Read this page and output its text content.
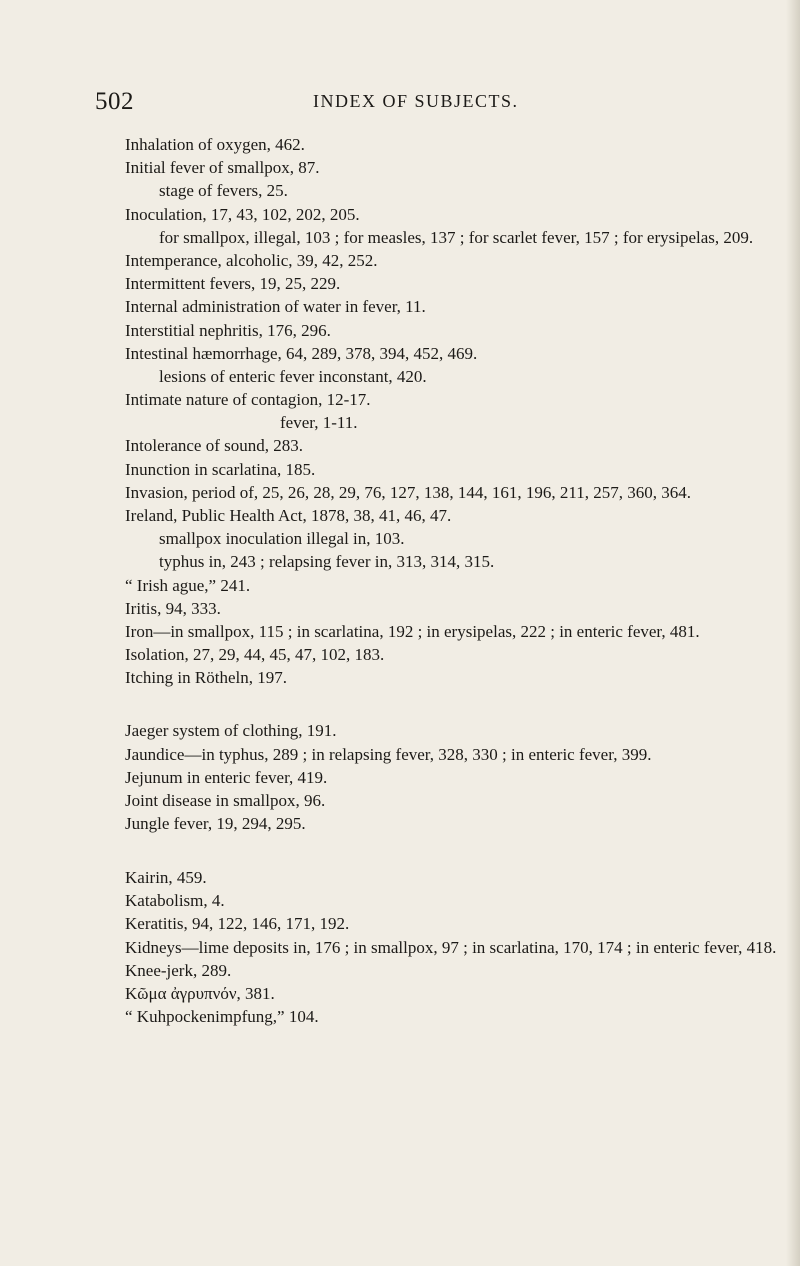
502	INDEX OF SUBJECTS.
Inhalation of oxygen, 462.
Initial fever of smallpox, 87.
stage of fevers, 25.
Inoculation, 17, 43, 102, 202, 205.
for smallpox, illegal, 103 ; for measles, 137 ; for scarlet fever, 157 ; for erysipelas, 209.
Intemperance, alcoholic, 39, 42, 252.
Intermittent fevers, 19, 25, 229.
Internal administration of water in fever, 11.
Interstitial nephritis, 176, 296.
Intestinal hæmorrhage, 64, 289, 378, 394, 452, 469.
lesions of enteric fever inconstant, 420.
Intimate nature of contagion, 12-17.
fever, 1-11.
Intolerance of sound, 283.
Inunction in scarlatina, 185.
Invasion, period of, 25, 26, 28, 29, 76, 127, 138, 144, 161, 196, 211, 257, 360, 364.
Ireland, Public Health Act, 1878, 38, 41, 46, 47.
smallpox inoculation illegal in, 103.
typhus in, 243 ; relapsing fever in, 313, 314, 315.
“ Irish ague,” 241.
Iritis, 94, 333.
Iron—in smallpox, 115 ; in scarlatina, 192 ; in erysipelas, 222 ; in enteric fever, 481.
Isolation, 27, 29, 44, 45, 47, 102, 183.
Itching in Rötheln, 197.
Jaeger system of clothing, 191.
Jaundice—in typhus, 289 ; in relapsing fever, 328, 330 ; in enteric fever, 399.
Jejunum in enteric fever, 419.
Joint disease in smallpox, 96.
Jungle fever, 19, 294, 295.
Kairin, 459.
Katabolism, 4.
Keratitis, 94, 122, 146, 171, 192.
Kidneys—lime deposits in, 176 ; in smallpox, 97 ; in scarlatina, 170, 174 ; in enteric fever, 418.
Knee-jerk, 289.
Κῶμα ἀγρυπνόν, 381.
“ Kuhpockenimpfung,” 104.
